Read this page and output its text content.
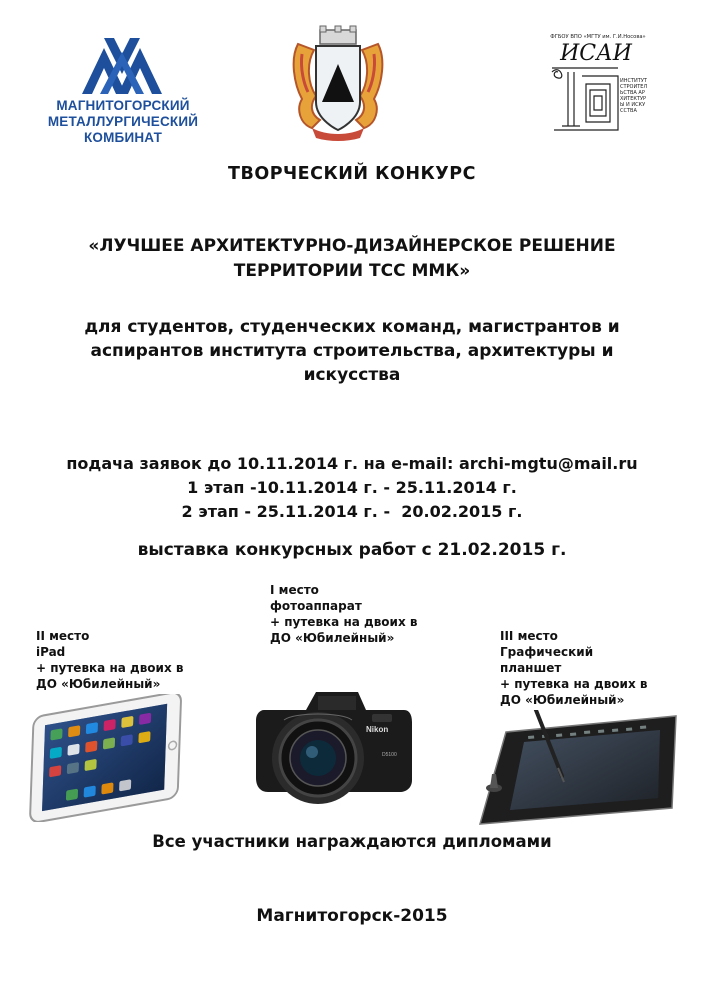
МАГНИТОГОРСКИЙ
МЕТАЛЛУРГИЧЕСКИЙ
КОМБИНАТ
ФГБОУ ВПО «МГТУ им. Г.И.Носова»
ИСАИ
ИНСТИТУТ СТРОИТЕЛЬСТВА АРХИТЕКТУРЫ И ИСКУССТВА
ТВОРЧЕСКИЙ КОНКУРС
«ЛУЧШЕЕ АРХИТЕКТУРНО-ДИЗАЙНЕРСКОЕ РЕШЕНИЕ
ТЕРРИТОРИИ ТСС ММК»
для студентов, студенческих команд, магистрантов и
аспирантов института строительства, архитектуры и
искусства
подача заявок до 10.11.2014 г. на e-mail: archi-mgtu@mail.ru
1 этап -10.11.2014 г. - 25.11.2014 г.
2 этап - 25.11.2014 г. -  20.02.2015 г.
выставка конкурсных работ с 21.02.2015 г.
II место
iPad
+ путевка на двоих в
ДО «Юбилейный»
I место
фотоаппарат
+ путевка на двоих в
ДО «Юбилейный»	III место
Графический
планшет
+ путевка на двоих в
ДО «Юбилейный»
Nikon
D5100
Все участники награждаются дипломами
Магнитогорск-2015
